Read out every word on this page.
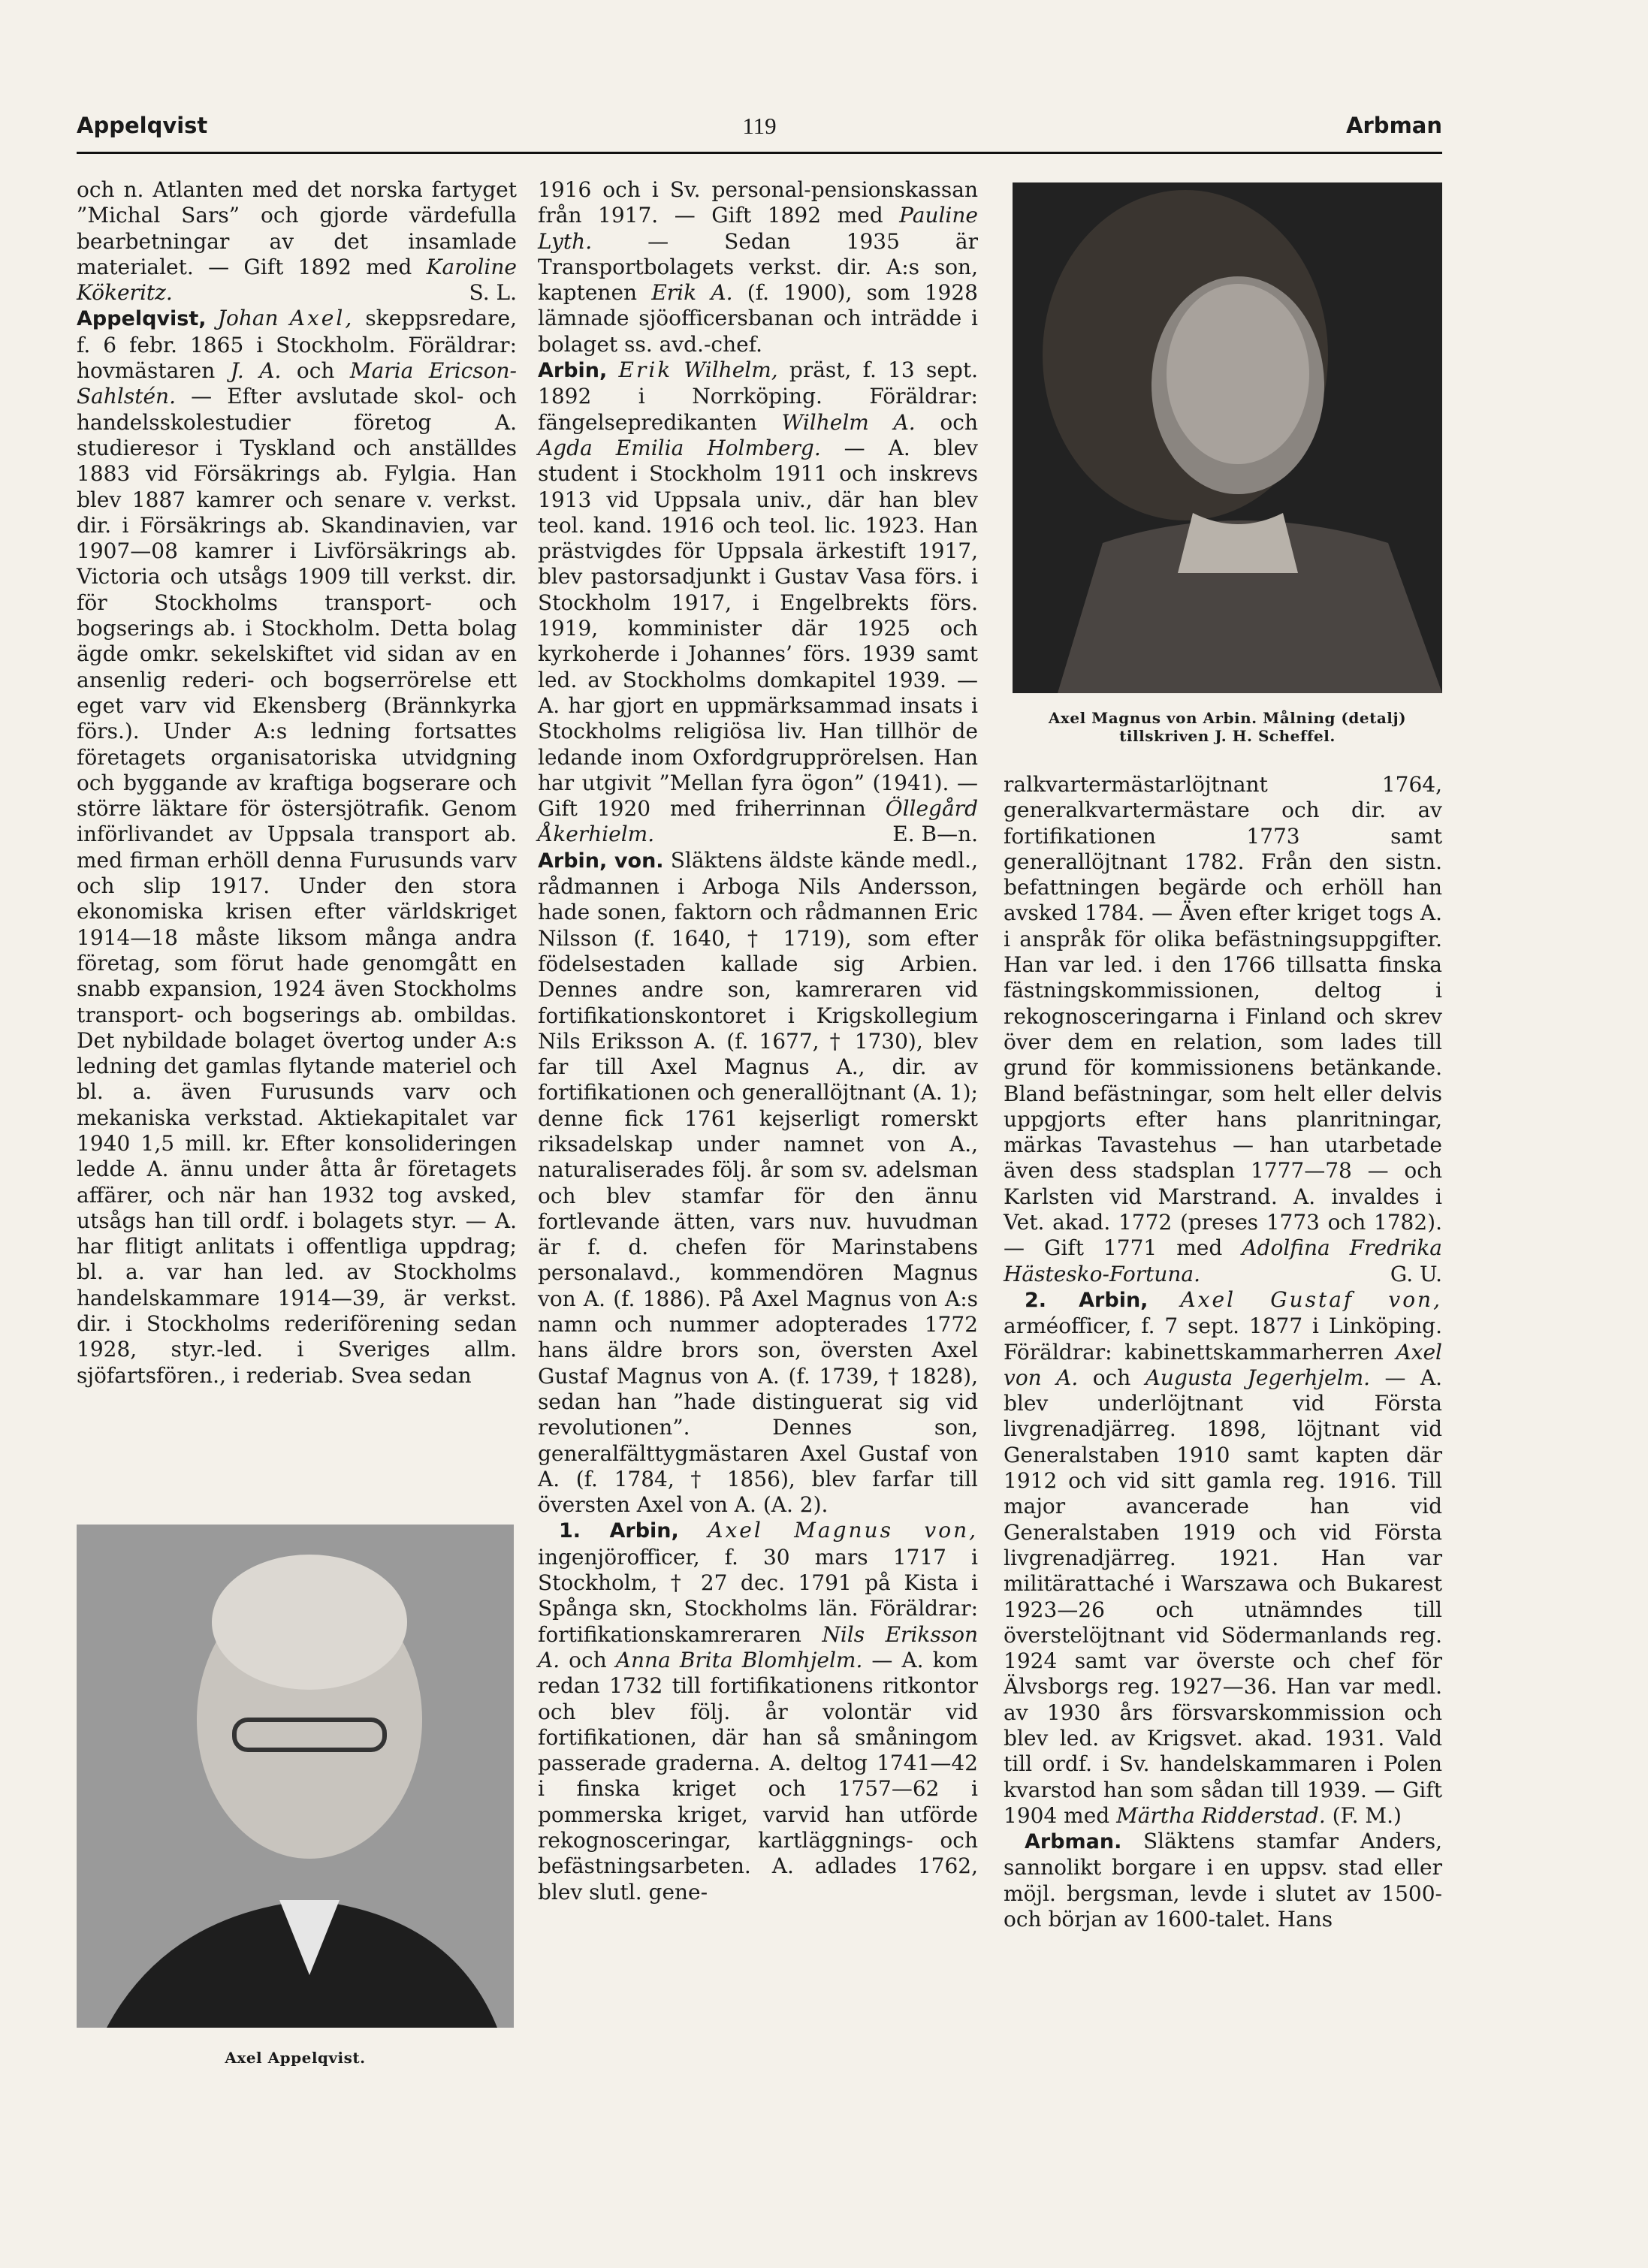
Appelqvist	119	Arbman

och n. Atlanten med det norska fartyget ”Michal Sars” och gjorde värdefulla bearbetningar av det insamlade materialet. — Gift 1892 med Karoline Kökeritz.	S. L.

Appelqvist, Johan Axel, skeppsredare, f. 6 febr. 1865 i Stockholm. Föräldrar: hovmästaren J. A. och Maria Ericson-Sahlstén. — Efter avslutade skol- och handelsskolestudier företog A. studieresor i Tyskland och anställdes 1883 vid Försäkrings ab. Fylgia. Han blev 1887 kamrer och senare v. verkst. dir. i Försäkrings ab. Skandinavien, var 1907—08 kamrer i Livförsäkrings ab. Victoria och utsågs 1909 till verkst. dir. för Stockholms transport- och bogserings ab. i Stockholm. Detta bolag ägde omkr. sekelskiftet vid sidan av en ansenlig rederi- och bogserrörelse ett eget varv vid Ekensberg (Brännkyrka förs.). Under A:s ledning fortsattes företagets organisatoriska utvidgning och byggande av kraftiga bogserare och större läktare för östersjötrafik. Genom införlivandet av Uppsala transport ab. med firman erhöll denna Furusunds varv och slip 1917. Under den stora ekonomiska krisen efter världskriget 1914—18 måste liksom många andra företag, som förut hade genomgått en snabb expansion, 1924 även Stockholms transport- och bogserings ab. ombildas. Det nybildade bolaget övertog under A:s ledning det gamlas flytande materiel och bl. a. även Furusunds varv och mekaniska verkstad. Aktiekapitalet var 1940 1,5 mill. kr. Efter konsolideringen ledde A. ännu under åtta år företagets affärer, och när han 1932 tog avsked, utsågs han till ordf. i bolagets styr. — A. har flitigt anlitats i offentliga uppdrag; bl. a. var han led. av Stockholms handelskammare 1914—39, är verkst. dir. i Stockholms rederiförening sedan 1928, styr.-led. i Sveriges allm. sjöfartsfören., i rederiab. Svea sedan

1916 och i Sv. personal-pensionskassan från 1917. — Gift 1892 med Pauline Lyth. — Sedan 1935 är Transportbolagets verkst. dir. A:s son, kaptenen Erik A. (f. 1900), som 1928 lämnade sjöofficersbanan och inträdde i bolaget ss. avd.-chef.

Arbin, Erik Wilhelm, präst, f. 13 sept. 1892 i Norrköping. Föräldrar: fängelsepredikanten Wilhelm A. och Agda Emilia Holmberg. — A. blev student i Stockholm 1911 och inskrevs 1913 vid Uppsala univ., där han blev teol. kand. 1916 och teol. lic. 1923. Han prästvigdes för Uppsala ärkestift 1917, blev pastorsadjunkt i Gustav Vasa förs. i Stockholm 1917, i Engelbrekts förs. 1919, komminister där 1925 och kyrkoherde i Johannes’ förs. 1939 samt led. av Stockholms domkapitel 1939. — A. har gjort en uppmärksammad insats i Stockholms religiösa liv. Han tillhör de ledande inom Oxfordgrupprörelsen. Han har utgivit ”Mellan fyra ögon” (1941). — Gift 1920 med friherrinnan Öllegård Åkerhielm.	E. B—n.

Arbin, von. Släktens äldste kände medl., rådmannen i Arboga Nils Andersson, hade sonen, faktorn och rådmannen Eric Nilsson (f. 1640, † 1719), som efter födelsestaden kallade sig Arbien. Dennes andre son, kamreraren vid fortifikationskontoret i Krigskollegium Nils Eriksson A. (f. 1677, † 1730), blev far till Axel Magnus A., dir. av fortifikationen och generallöjtnant (A. 1); denne fick 1761 kejserligt romerskt riksadelskap under namnet von A., naturaliserades följ. år som sv. adelsman och blev stamfar för den ännu fortlevande ätten, vars nuv. huvudman är f. d. chefen för Marinstabens personalavd., kommendören Magnus von A. (f. 1886). På Axel Magnus von A:s namn och nummer adopterades 1772 hans äldre brors son, översten Axel Gustaf Magnus von A. (f. 1739, † 1828), sedan han ”hade distinguerat sig vid revolutionen”. Dennes son, generalfälttygmästaren Axel Gustaf von A. (f. 1784, † 1856), blev farfar till översten Axel von A. (A. 2).

1. Arbin, Axel Magnus von, ingenjörofficer, f. 30 mars 1717 i Stockholm, † 27 dec. 1791 på Kista i Spånga skn, Stockholms län. Föräldrar: fortifikationskamreraren Nils Eriksson A. och Anna Brita Blomhjelm. — A. kom redan 1732 till fortifikationens ritkontor och blev följ. år volontär vid fortifikationen, där han så småningom passerade graderna. A. deltog 1741—42 i finska kriget och 1757—62 i pommerska kriget, varvid han utförde rekognosceringar, kartläggnings- och befästningsarbeten. A. adlades 1762, blev slutl. gene-

Axel Magnus von Arbin. Målning (detalj)
tillskriven J. H. Scheffel.

ralkvartermästarlöjtnant 1764, generalkvartermästare och dir. av fortifikationen 1773 samt generallöjtnant 1782. Från den sistn. befattningen begärde och erhöll han avsked 1784. — Även efter kriget togs A. i anspråk för olika befästningsuppgifter. Han var led. i den 1766 tillsatta finska fästningskommissionen, deltog i rekognosceringarna i Finland och skrev över dem en relation, som lades till grund för kommissionens betänkande. Bland befästningar, som helt eller delvis uppgjorts efter hans planritningar, märkas Tavastehus — han utarbetade även dess stadsplan 1777—78 — och Karlsten vid Marstrand. A. invaldes i Vet. akad. 1772 (preses 1773 och 1782). — Gift 1771 med Adolfina Fredrika Hästesko-Fortuna.	G. U.

2. Arbin, Axel Gustaf von, arméofficer, f. 7 sept. 1877 i Linköping. Föräldrar: kabinettskammarherren Axel von A. och Augusta Jegerhjelm. — A. blev underlöjtnant vid Första livgrenadjärreg. 1898, löjtnant vid Generalstaben 1910 samt kapten där 1912 och vid sitt gamla reg. 1916. Till major avancerade han vid Generalstaben 1919 och vid Första livgrenadjärreg. 1921. Han var militärattaché i Warszawa och Bukarest 1923—26 och utnämndes till överstelöjtnant vid Södermanlands reg. 1924 samt var överste och chef för Älvsborgs reg. 1927—36. Han var medl. av 1930 års försvarskommission och blev led. av Krigsvet. akad. 1931. Vald till ordf. i Sv. handelskammaren i Polen kvarstod han som sådan till 1939. — Gift 1904 med Märtha Ridderstad. (F. M.)

Arbman. Släktens stamfar Anders, sannolikt borgare i en uppsv. stad eller möjl. bergsman, levde i slutet av 1500- och början av 1600-talet. Hans

Axel Appelqvist.
